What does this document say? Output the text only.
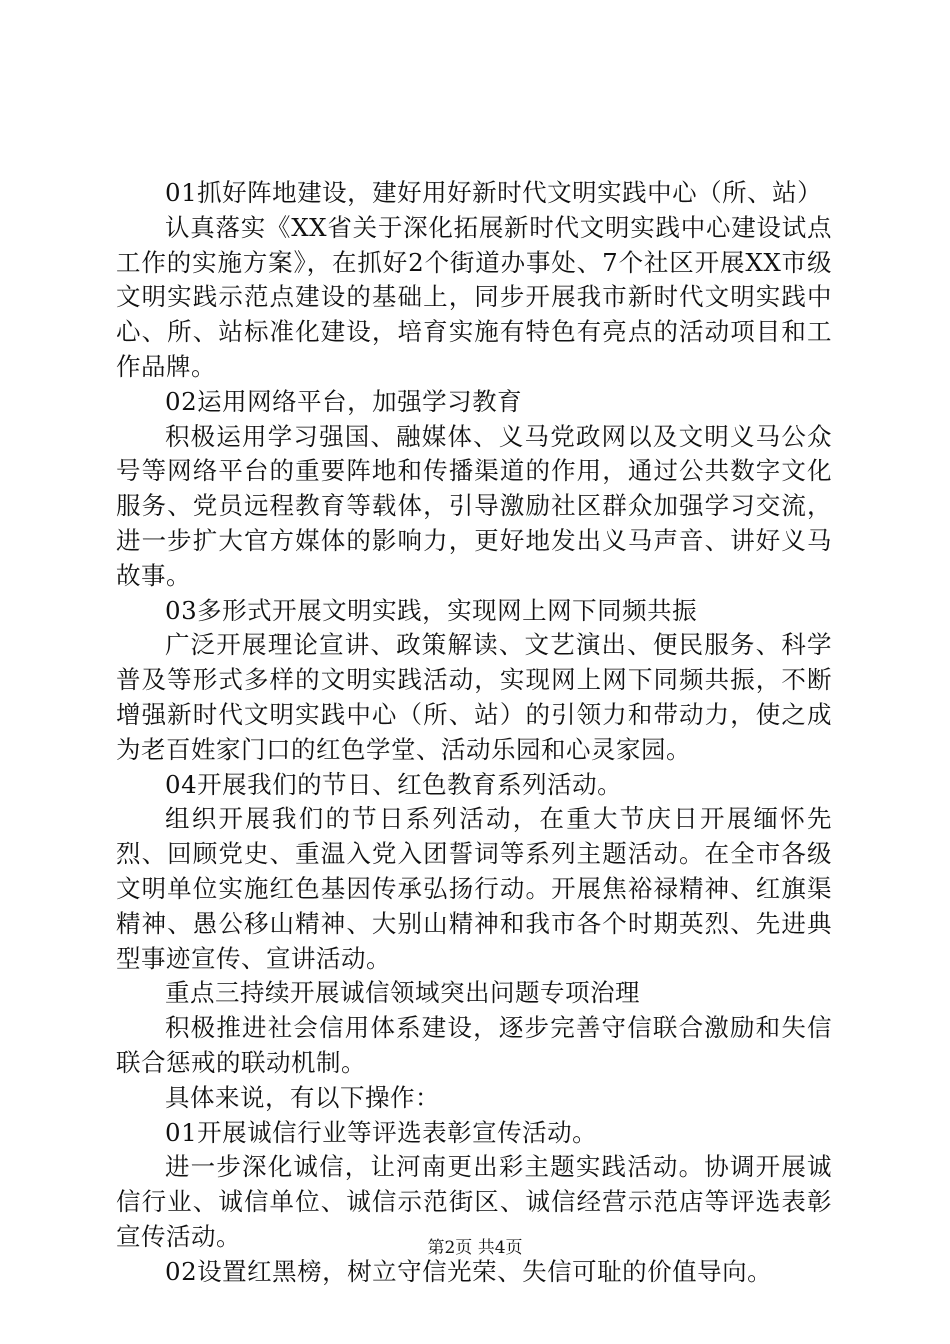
01抓好阵地建设，建好用好新时代文明实践中心（所、站）

认真落实《XX省关于深化拓展新时代文明实践中心建设试点工作的实施方案》，在抓好2个街道办事处、7个社区开展XX市级文明实践示范点建设的基础上，同步开展我市新时代文明实践中心、所、站标准化建设，培育实施有特色有亮点的活动项目和工作品牌。

02运用网络平台，加强学习教育

积极运用学习强国、融媒体、义马党政网以及文明义马公众号等网络平台的重要阵地和传播渠道的作用，通过公共数字文化服务、党员远程教育等载体，引导激励社区群众加强学习交流，进一步扩大官方媒体的影响力，更好地发出义马声音、讲好义马故事。

03多形式开展文明实践，实现网上网下同频共振

广泛开展理论宣讲、政策解读、文艺演出、便民服务、科学普及等形式多样的文明实践活动，实现网上网下同频共振，不断增强新时代文明实践中心（所、站）的引领力和带动力，使之成为老百姓家门口的红色学堂、活动乐园和心灵家园。

04开展我们的节日、红色教育系列活动。

组织开展我们的节日系列活动，在重大节庆日开展缅怀先烈、回顾党史、重温入党入团誓词等系列主题活动。在全市各级文明单位实施红色基因传承弘扬行动。开展焦裕禄精神、红旗渠精神、愚公移山精神、大别山精神和我市各个时期英烈、先进典型事迹宣传、宣讲活动。

重点三持续开展诚信领域突出问题专项治理

积极推进社会信用体系建设，逐步完善守信联合激励和失信联合惩戒的联动机制。

具体来说，有以下操作：

01开展诚信行业等评选表彰宣传活动。

进一步深化诚信，让河南更出彩主题实践活动。协调开展诚信行业、诚信单位、诚信示范街区、诚信经营示范店等评选表彰宣传活动。

02设置红黑榜，树立守信光荣、失信可耻的价值导向。

第2页 共4页
